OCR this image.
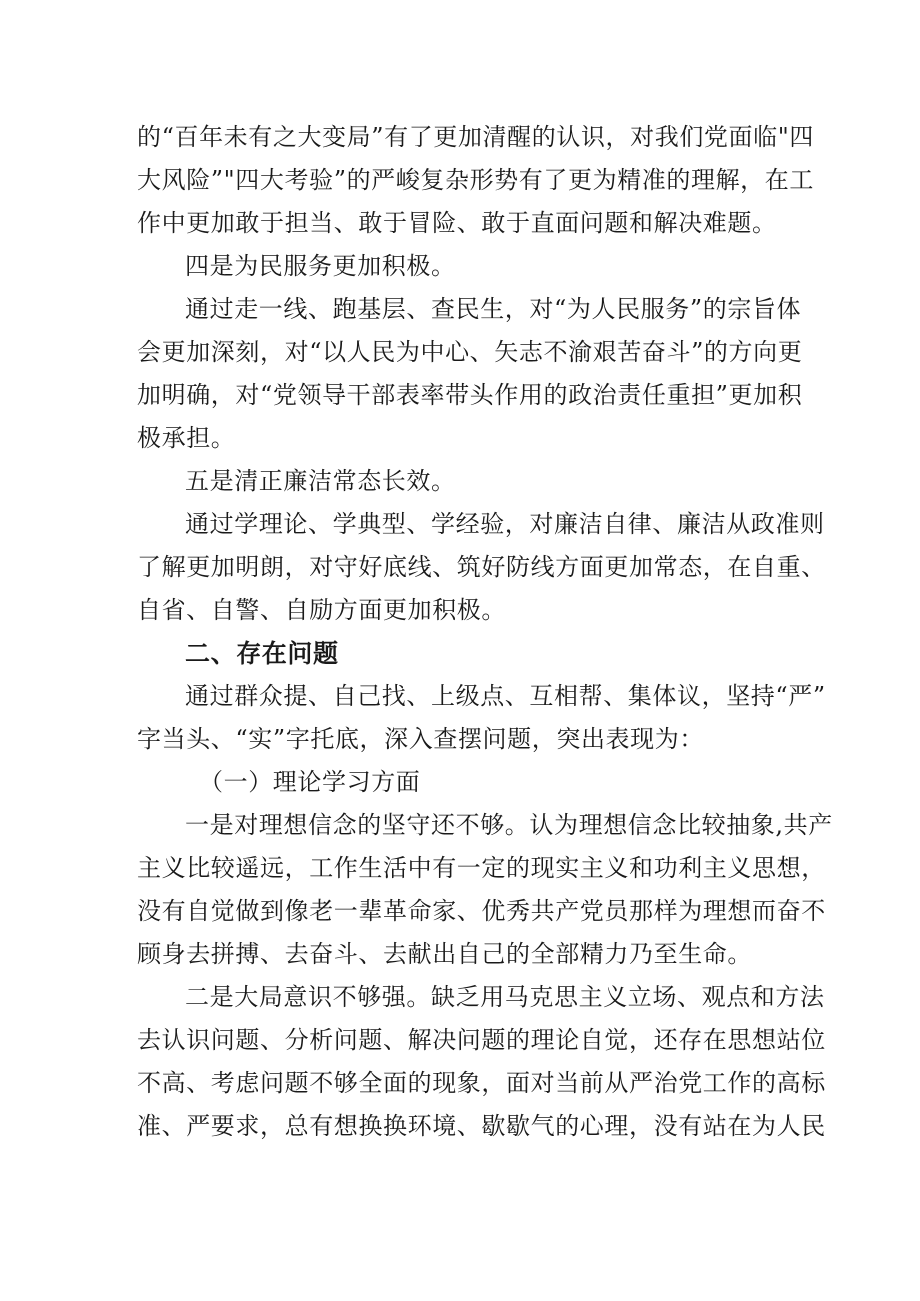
的“百年未有之大变局”有了更加清醒的认识，对我们党面临"四
大风险”"四大考验”的严峻复杂形势有了更为精准的理解，在工
作中更加敢于担当、敢于冒险、敢于直面问题和解决难题。
四是为民服务更加积极。
通过走一线、跑基层、查民生，对“为人民服务”的宗旨体
会更加深刻，对“以人民为中心、矢志不渝艰苦奋斗”的方向更
加明确，对“党领导干部表率带头作用的政治责任重担”更加积
极承担。
五是清正廉洁常态长效。
通过学理论、学典型、学经验，对廉洁自律、廉洁从政准则
了解更加明朗，对守好底线、筑好防线方面更加常态，在自重、
自省、自警、自励方面更加积极。
二、存在问题
通过群众提、自己找、上级点、互相帮、集体议，坚持“严”
字当头、“实”字托底，深入查摆问题，突出表现为：
（一）理论学习方面
一是对理想信念的坚守还不够。认为理想信念比较抽象,共产
主义比较遥远，工作生活中有一定的现实主义和功利主义思想，
没有自觉做到像老一辈革命家、优秀共产党员那样为理想而奋不
顾身去拼搏、去奋斗、去献出自己的全部精力乃至生命。
二是大局意识不够强。缺乏用马克思主义立场、观点和方法
去认识问题、分析问题、解决问题的理论自觉，还存在思想站位
不高、考虑问题不够全面的现象，面对当前从严治党工作的高标
准、严要求，总有想换换环境、歇歇气的心理，没有站在为人民
